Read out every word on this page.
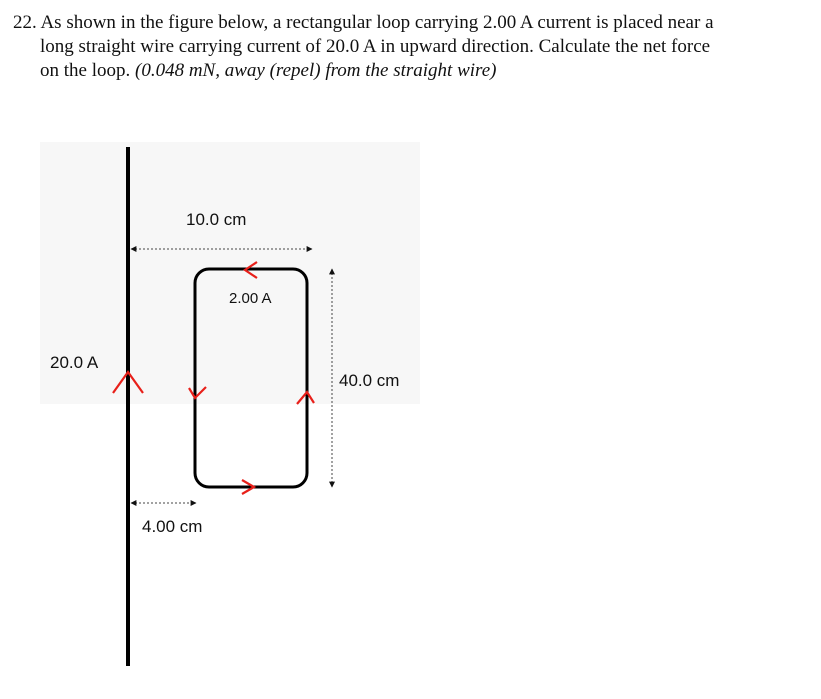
22. As shown in the figure below, a rectangular loop carrying 2.00 A current is placed near a
long straight wire carrying current of 20.0 A in upward direction. Calculate the net force
on the loop. (0.048 mN, away (repel) from the straight wire)
10.0 cm
2.00 A
20.0 A
40.0 cm
4.00 cm
